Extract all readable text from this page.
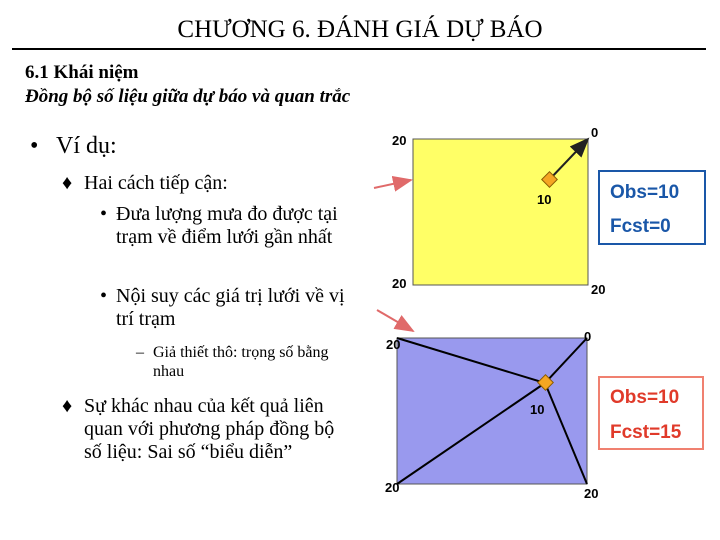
CHƯƠNG 6. ĐÁNH GIÁ DỰ BÁO
6.1 Khái niệm
Đồng bộ số liệu giữa dự báo và quan trắc
• Ví dụ:
♦ Hai cách tiếp cận:
• Đưa lượng mưa đo được tại trạm về điểm lưới gần nhất
• Nội suy các giá trị lưới về vị trí trạm
– Giả thiết thô: trọng số bằng nhau
♦ Sự khác nhau của kết quả liên quan với phương pháp đồng bộ số liệu: Sai số “biểu diễn”
20
0
20	20
10	Obs=10
Fcst=0
20
0
20	20
10
Obs=10
Fcst=15
